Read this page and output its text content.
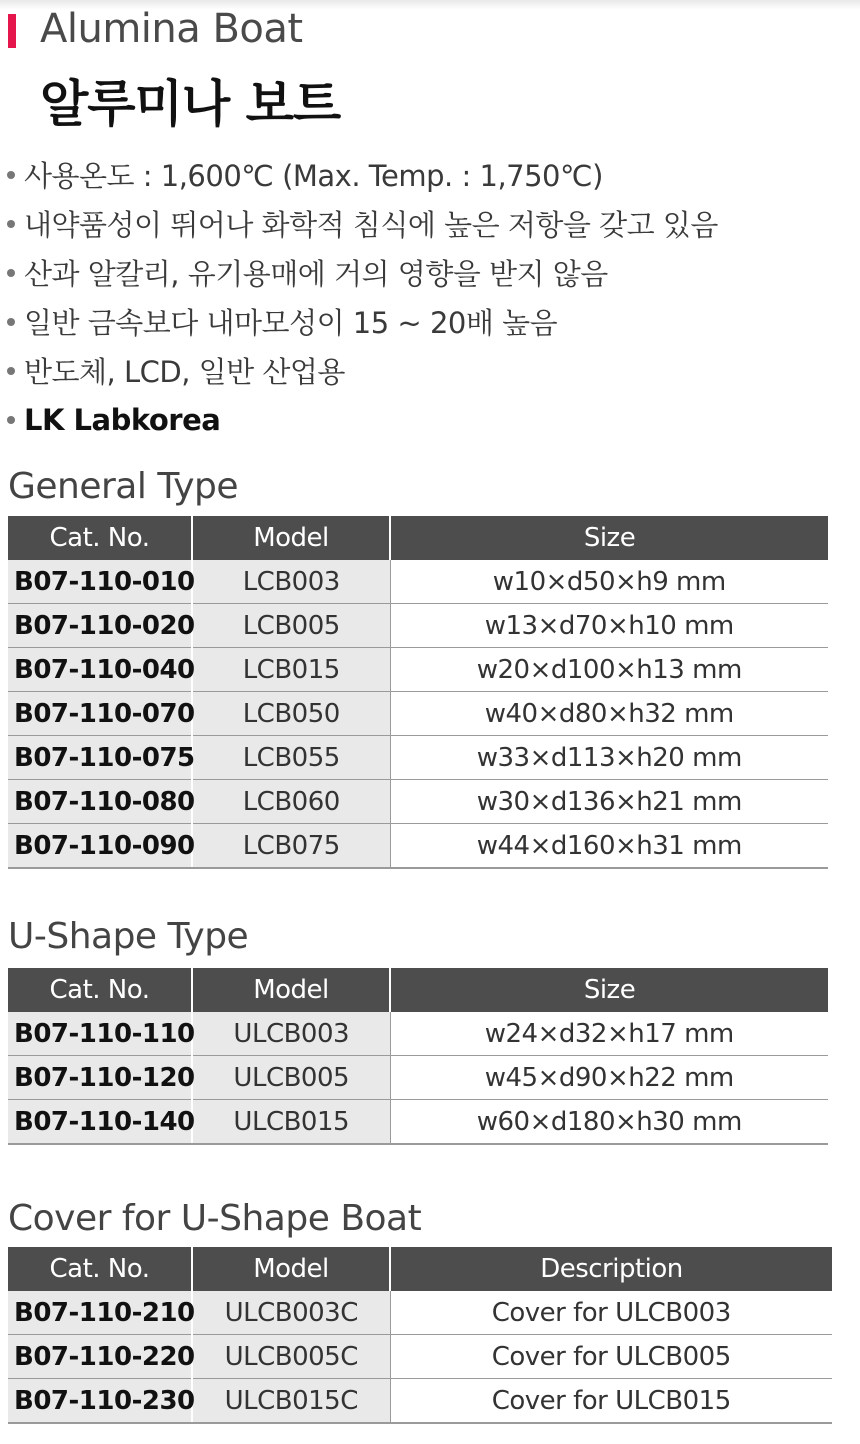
Alumina Boat
알루미나 보트
사용온도 : 1,600℃ (Max. Temp. : 1,750℃)
내약품성이 뛰어나 화학적 침식에 높은 저항을 갖고 있음
산과 알칼리, 유기용매에 거의 영향을 받지 않음
일반 금속보다 내마모성이 15 ~ 20배 높음
반도체, LCD, 일반 산업용
LK Labkorea
General Type
Cat. No.	Model	Size
B07-110-010	LCB003	w10×d50×h9 mm
B07-110-020	LCB005	w13×d70×h10 mm
B07-110-040	LCB015	w20×d100×h13 mm
B07-110-070	LCB050	w40×d80×h32 mm
B07-110-075	LCB055	w33×d113×h20 mm
B07-110-080	LCB060	w30×d136×h21 mm
B07-110-090	LCB075	w44×d160×h31 mm
U-Shape Type
Cat. No.	Model	Size
B07-110-110	ULCB003	w24×d32×h17 mm
B07-110-120	ULCB005	w45×d90×h22 mm
B07-110-140	ULCB015	w60×d180×h30 mm
Cover for U-Shape Boat
Cat. No.	Model	Description
B07-110-210	ULCB003C	Cover for ULCB003
B07-110-220	ULCB005C	Cover for ULCB005
B07-110-230	ULCB015C	Cover for ULCB015
